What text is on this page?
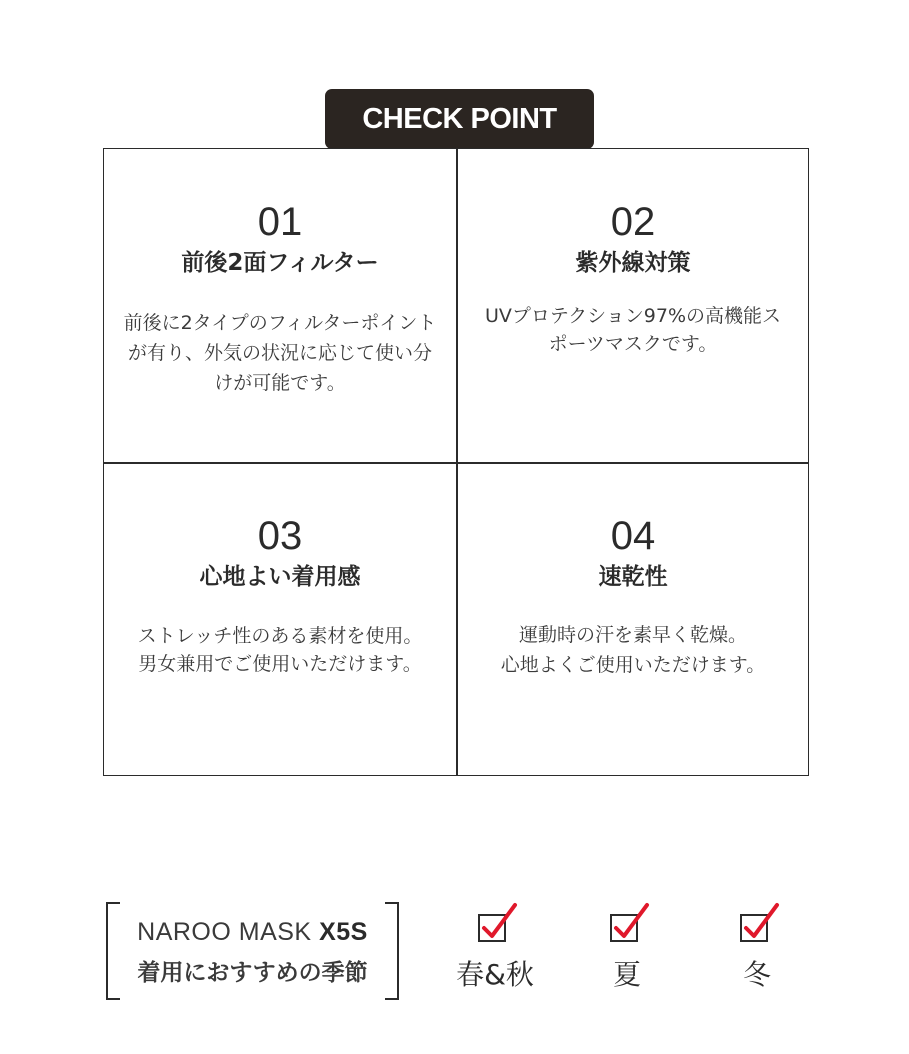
CHECK POINT
01
前後2面フィルター
前後に2タイプのフィルターポイント
が有り、外気の状況に応じて使い分
けが可能です。
02
紫外線対策
UVプロテクション97%の高機能ス
ポーツマスクです。
03
心地よい着用感
ストレッチ性のある素材を使用。
男女兼用でご使用いただけます。
04
速乾性
運動時の汗を素早く乾燥。
心地よくご使用いただけます。
NAROO MASK X5S
着用におすすめの季節	春&秋	夏	冬
